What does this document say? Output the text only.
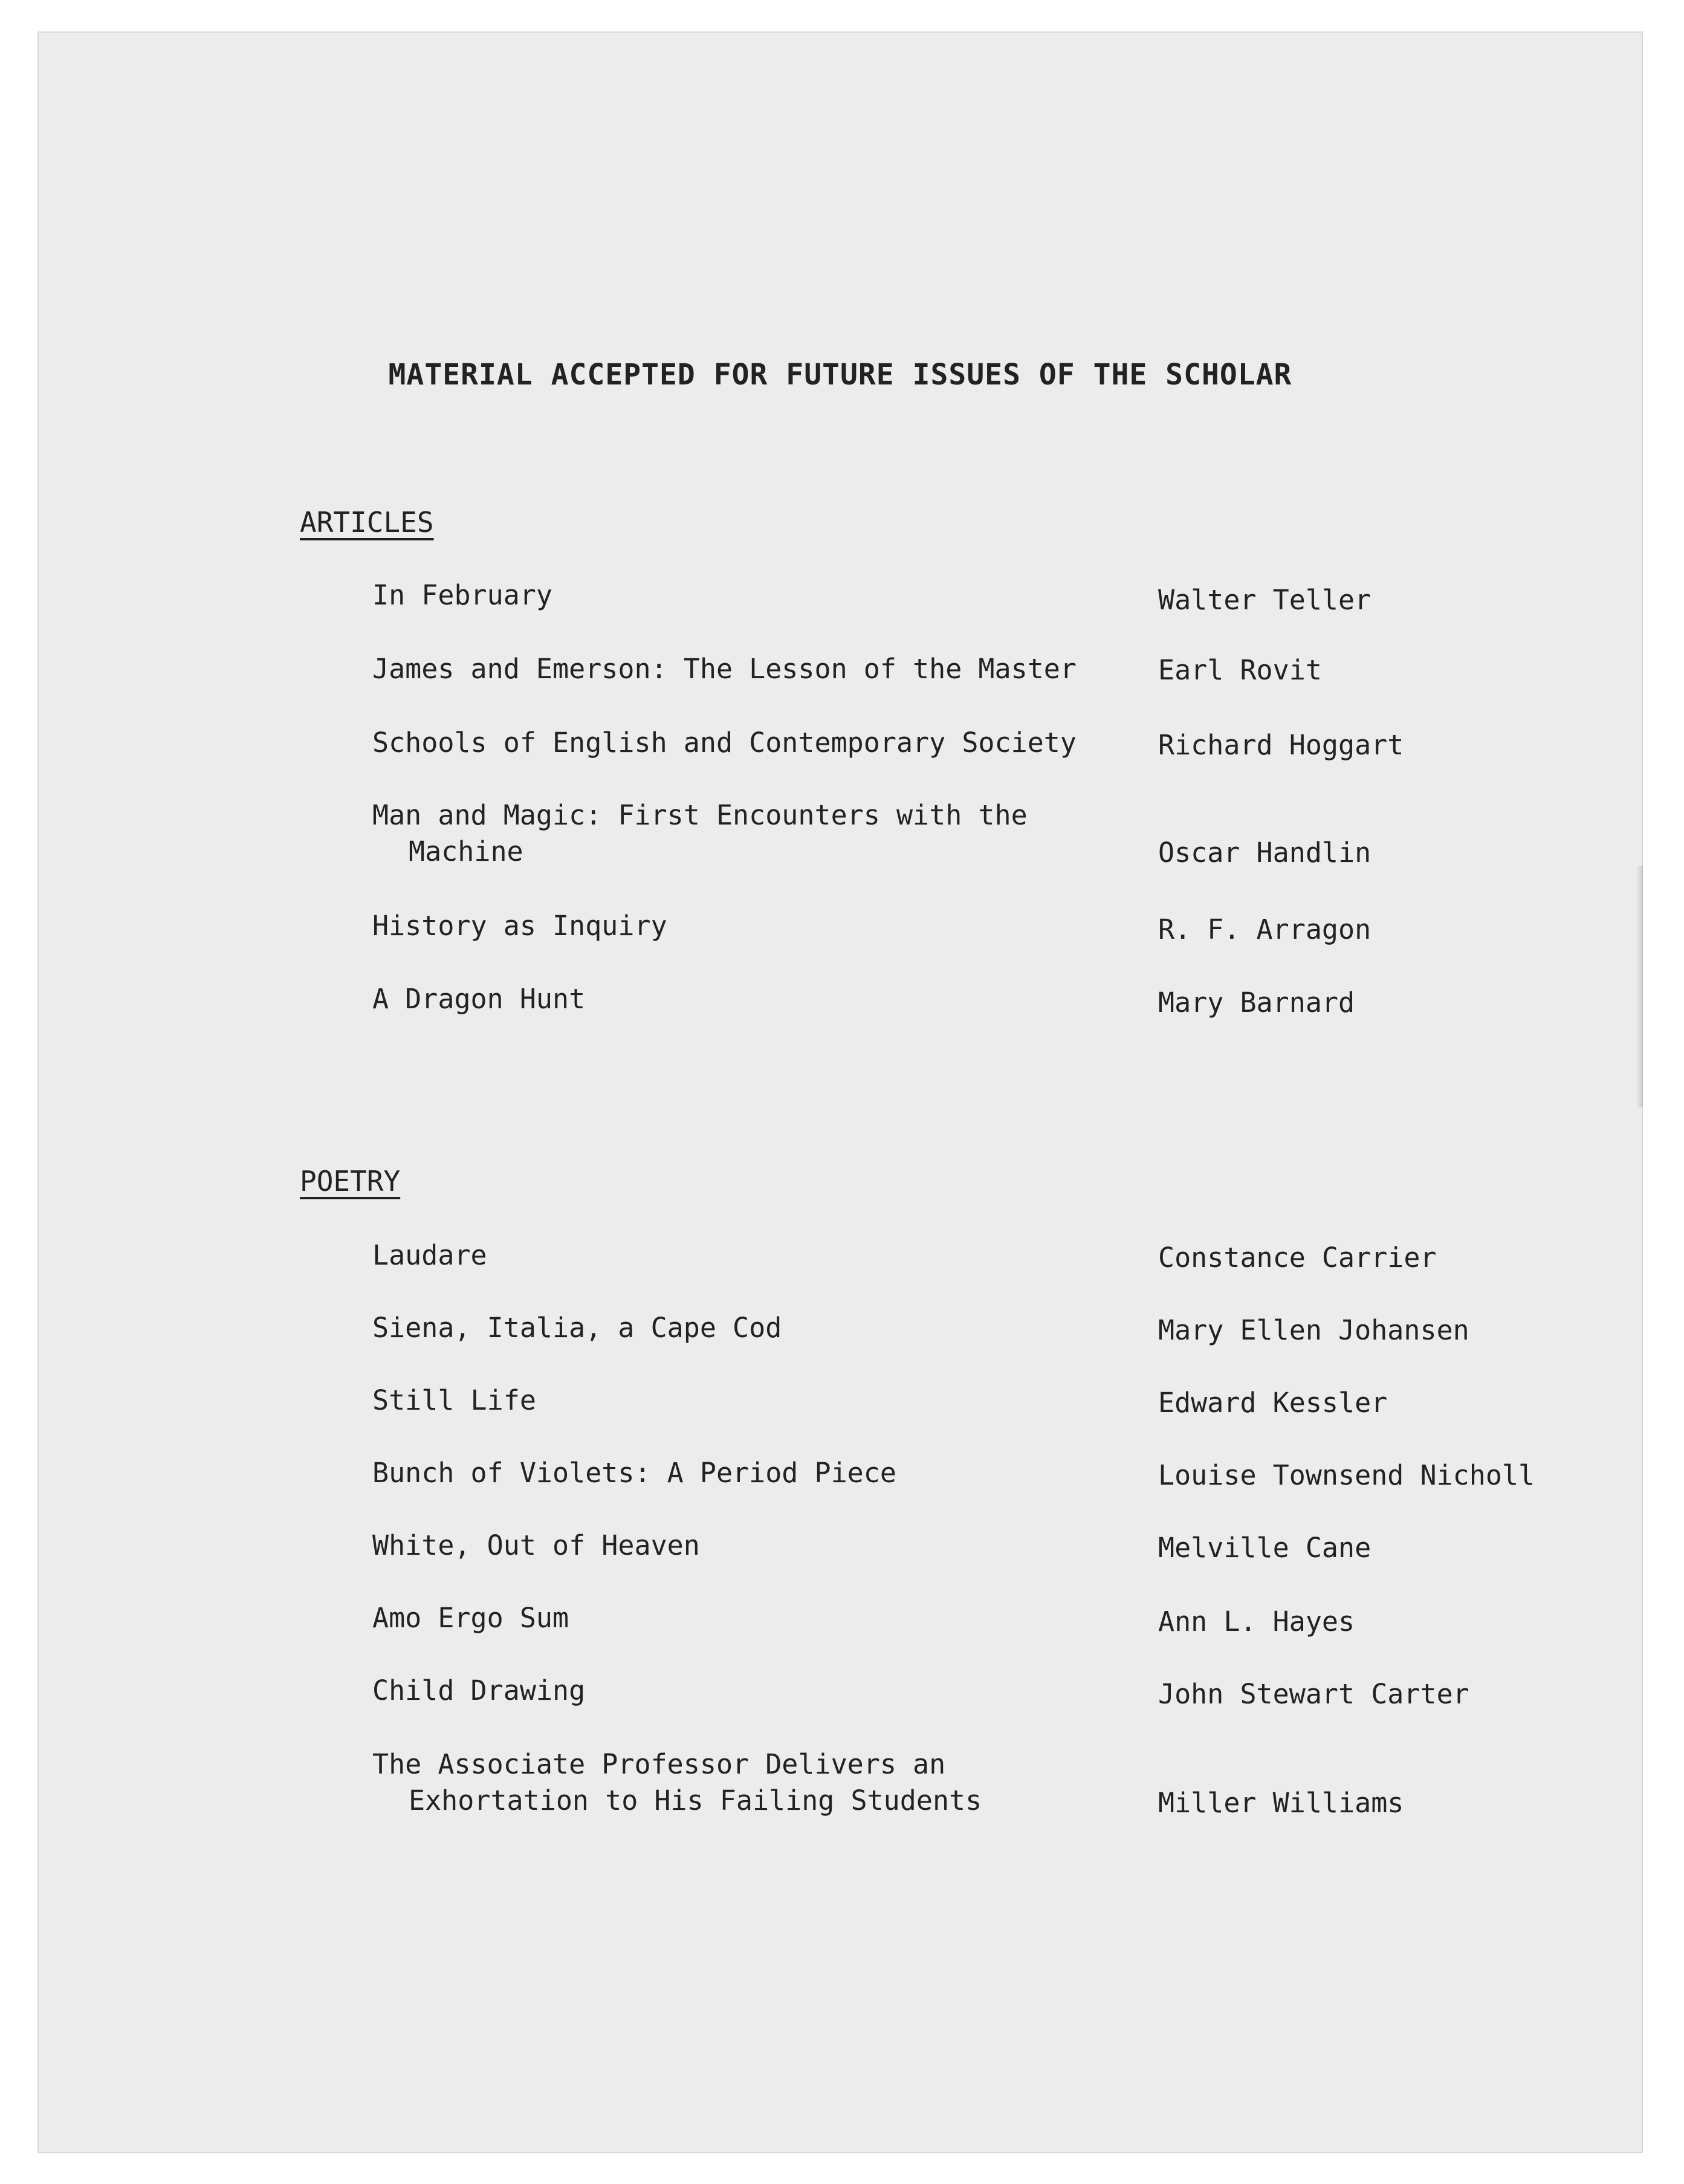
MATERIAL ACCEPTED FOR FUTURE ISSUES OF THE SCHOLAR
ARTICLES
In February	Walter Teller
James and Emerson: The Lesson of the Master	Earl Rovit
Schools of English and Contemporary Society	Richard Hoggart
Man and Magic: First Encounters with the
Machine	Oscar Handlin
History as Inquiry	R. F. Arragon
A Dragon Hunt	Mary Barnard
POETRY
Laudare	Constance Carrier
Siena, Italia, a Cape Cod	Mary Ellen Johansen
Still Life	Edward Kessler
Bunch of Violets: A Period Piece	Louise Townsend Nicholl
White, Out of Heaven	Melville Cane
Amo Ergo Sum	Ann L. Hayes
Child Drawing	John Stewart Carter
The Associate Professor Delivers an
Exhortation to His Failing Students	Miller Williams
